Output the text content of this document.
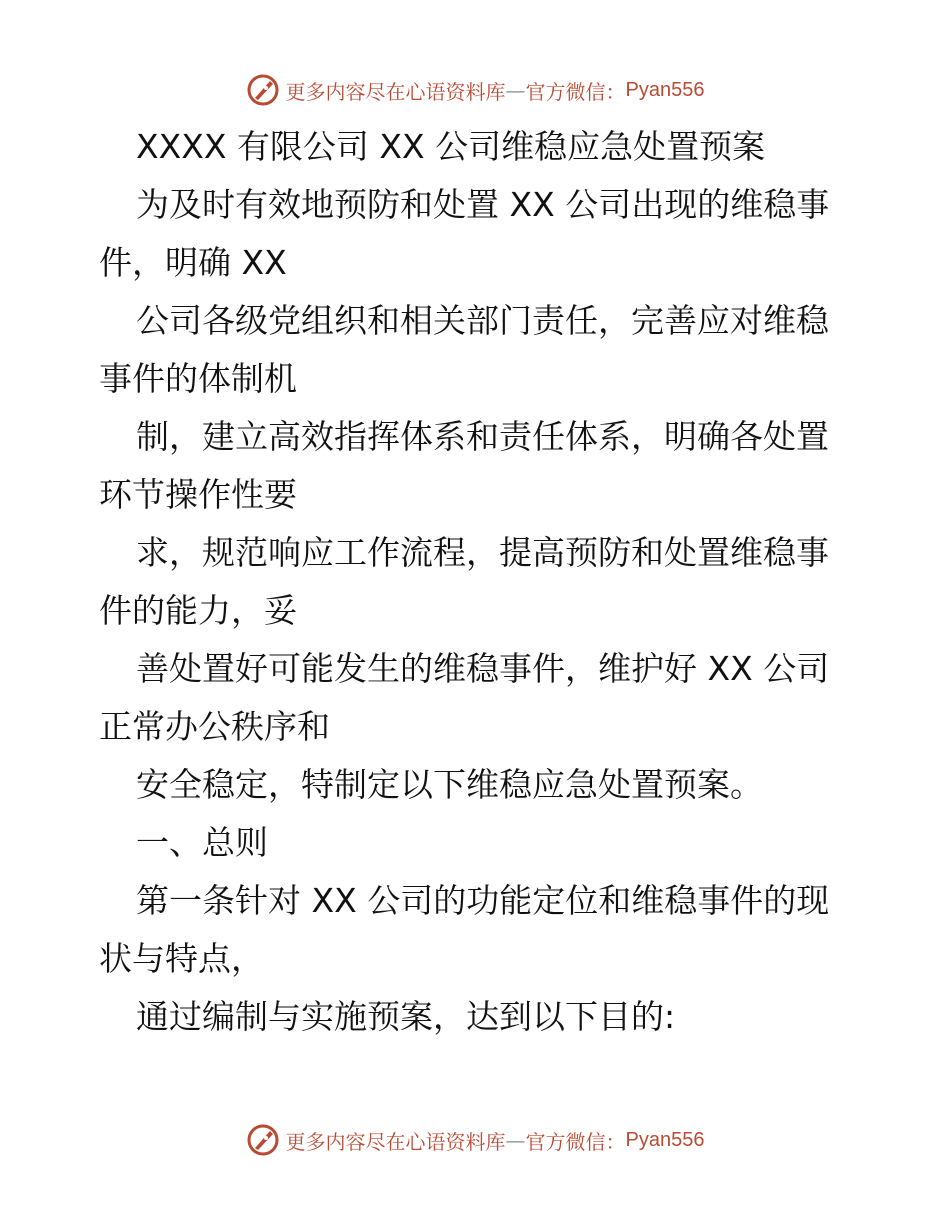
更多内容尽在心语资料库 — 官方微信： Pyan556
XXXX 有限公司 XX 公司维稳应急处置预案
为及时有效地预防和处置 XX 公司出现的维稳事
件，明确 XX
公司各级党组织和相关部门责任，完善应对维稳
事件的体制机
制，建立高效指挥体系和责任体系，明确各处置
环节操作性要
求，规范响应工作流程，提高预防和处置维稳事
件的能力，妥
善处置好可能发生的维稳事件，维护好 XX 公司
正常办公秩序和
安全稳定，特制定以下维稳应急处置预案。
一、总则
第一条针对 XX 公司的功能定位和维稳事件的现
状与特点，
通过编制与实施预案，达到以下目的:
更多内容尽在心语资料库 — 官方微信： Pyan556
